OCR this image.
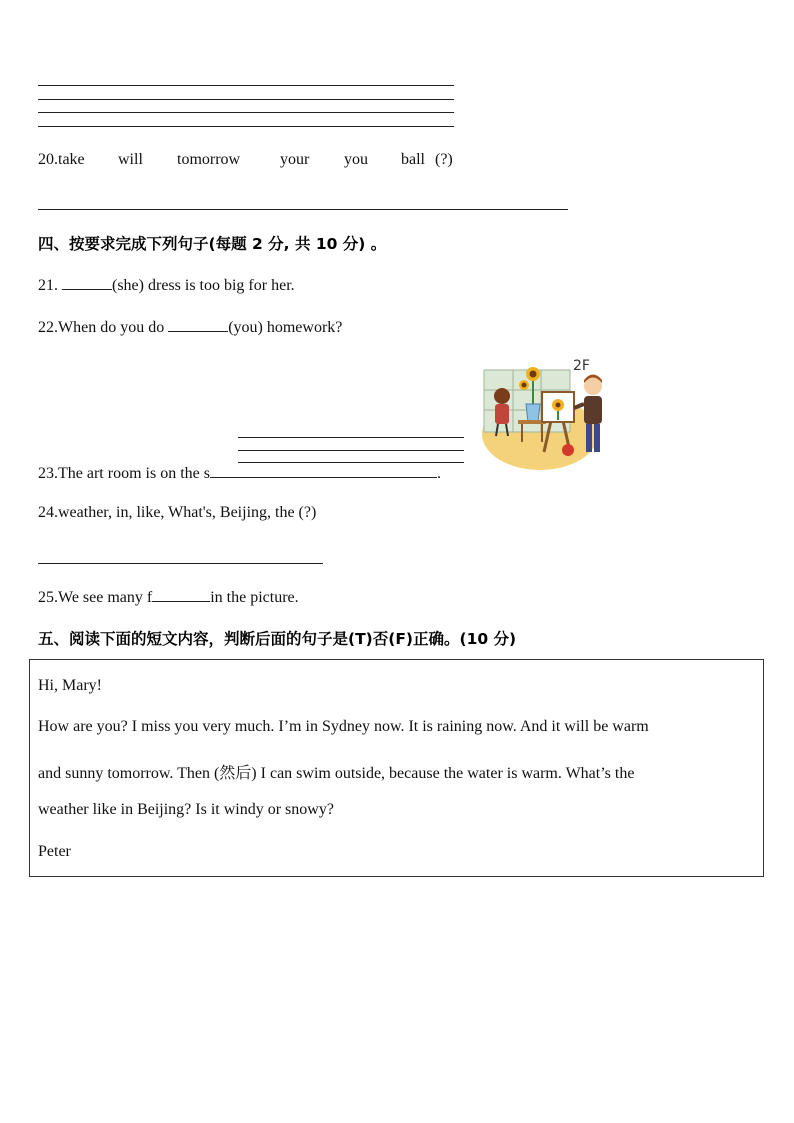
20.take will tomorrow your you ball (?)
四、按要求完成下列句子(每题 2 分, 共 10 分) 。
21.	(she) dress is too big for her.
22.When do you do	(you) homework?
23.The art room is on the s	.
2F
24.weather, in, like, What's, Beijing, the (?)
25.We see many f	in the picture.
五、阅读下面的短文内容，判断后面的句子是(T)否(F)正确。(10 分)

Hi, Mary!

How are you? I miss you very much. I’m in Sydney now. It is raining now. And it will be warm

and sunny tomorrow. Then (然后) I can swim outside, because the water is warm. What’s the

weather like in Beijing? Is it windy or snowy?

Peter
